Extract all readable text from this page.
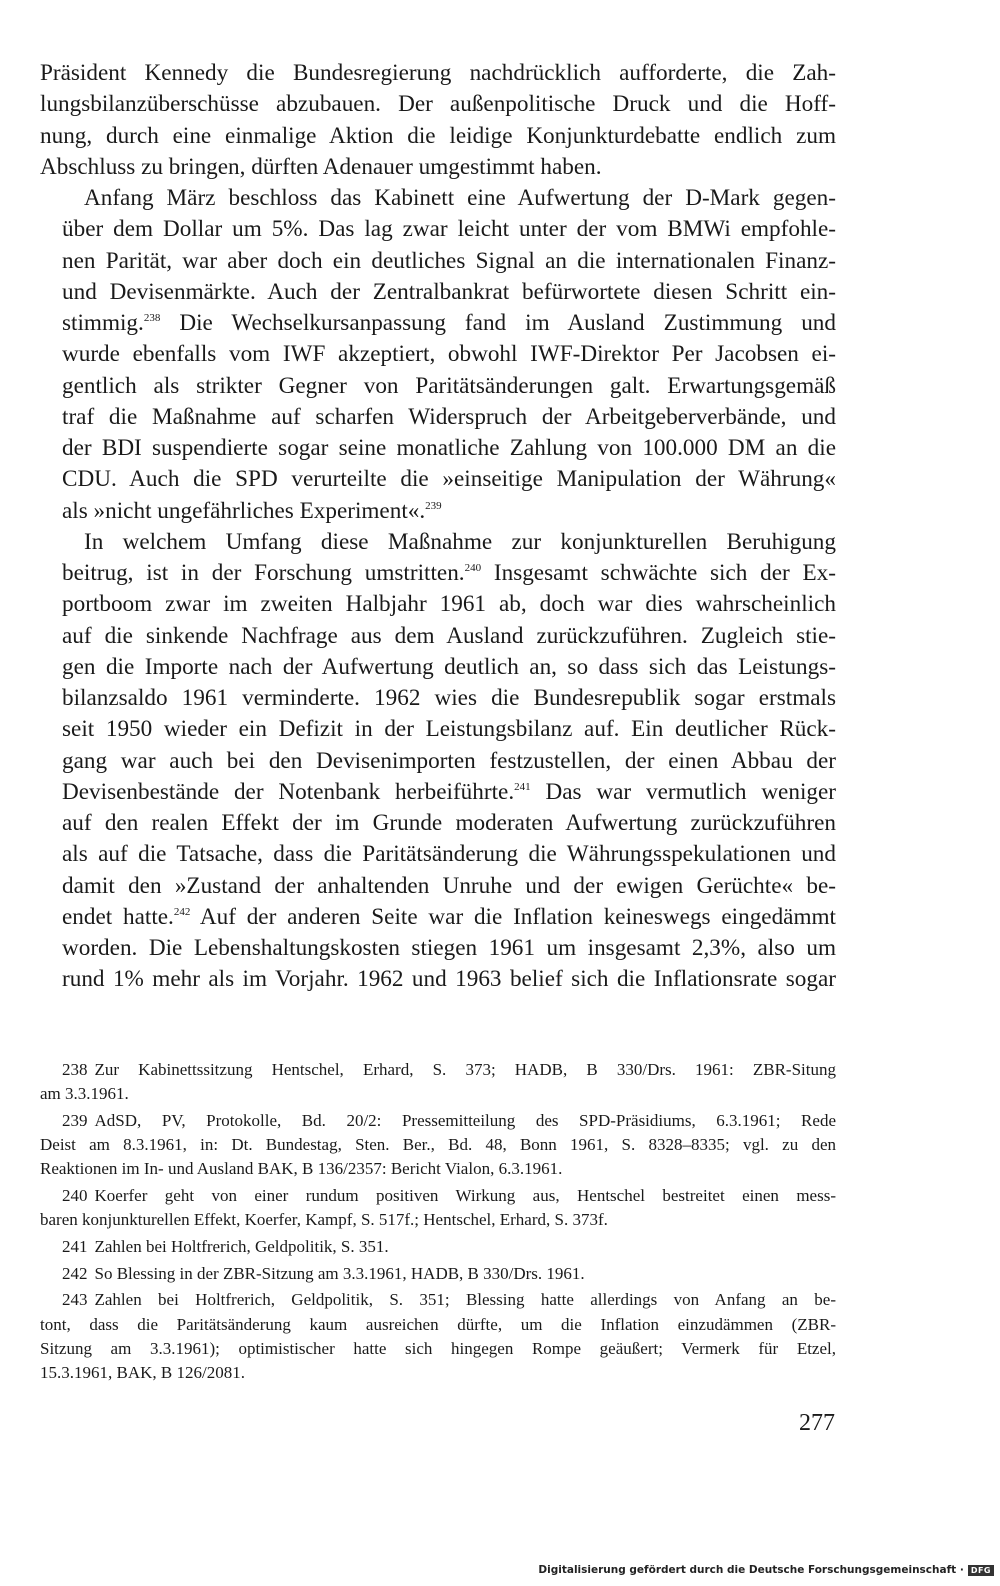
Präsident Kennedy die Bundesregierung nachdrücklich aufforderte, die Zah-
lungsbilanzüberschüsse abzubauen. Der außenpolitische Druck und die Hoff-
nung, durch eine einmalige Aktion die leidige Konjunkturdebatte endlich zum
Abschluss zu bringen, dürften Adenauer umgestimmt haben.

Anfang März beschloss das Kabinett eine Aufwertung der D-Mark gegen-
über dem Dollar um 5%. Das lag zwar leicht unter der vom BMWi empfohle-
nen Parität, war aber doch ein deutliches Signal an die internationalen Finanz-
und Devisenmärkte. Auch der Zentralbankrat befürwortete diesen Schritt ein-
stimmig.$^{238}$ Die Wechselkursanpassung fand im Ausland Zustimmung und
wurde ebenfalls vom IWF akzeptiert, obwohl IWF-Direktor Per Jacobsen ei-
gentlich als strikter Gegner von Paritätsänderungen galt. Erwartungsgemäß
traf die Maßnahme auf scharfen Widerspruch der Arbeitgeberverbände, und
der BDI suspendierte sogar seine monatliche Zahlung von 100.000 DM an die
CDU. Auch die SPD verurteilte die »einseitige Manipulation der Währung«
als »nicht ungefährliches Experiment«.$^{239}$

In welchem Umfang diese Maßnahme zur konjunkturellen Beruhigung
beitrug, ist in der Forschung umstritten.$^{240}$ Insgesamt schwächte sich der Ex-
portboom zwar im zweiten Halbjahr 1961 ab, doch war dies wahrscheinlich
auf die sinkende Nachfrage aus dem Ausland zurückzuführen. Zugleich stie-
gen die Importe nach der Aufwertung deutlich an, so dass sich das Leistungs-
bilanzsaldo 1961 verminderte. 1962 wies die Bundesrepublik sogar erstmals
seit 1950 wieder ein Defizit in der Leistungsbilanz auf. Ein deutlicher Rück-
gang war auch bei den Devisenimporten festzustellen, der einen Abbau der
Devisenbestände der Notenbank herbeiführte.$^{241}$ Das war vermutlich weniger
auf den realen Effekt der im Grunde moderaten Aufwertung zurückzuführen
als auf die Tatsache, dass die Paritätsänderung die Währungsspekulationen und
damit den »Zustand der anhaltenden Unruhe und der ewigen Gerüchte« be-
endet hatte.$^{242}$ Auf der anderen Seite war die Inflation keineswegs eingedämmt
worden. Die Lebenshaltungskosten stiegen 1961 um insgesamt 2,3%, also um
rund 1% mehr als im Vorjahr. 1962 und 1963 belief sich die Inflationsrate sogar

238 Zur Kabinettssitzung Hentschel, Erhard, S. 373; HADB, B 330/Drs. 1961: ZBR-Situng
am 3.3.1961.
239 AdSD, PV, Protokolle, Bd. 20/2: Pressemitteilung des SPD-Präsidiums, 6.3.1961; Rede
Deist am 8.3.1961, in: Dt. Bundestag, Sten. Ber., Bd. 48, Bonn 1961, S. 8328–8335; vgl. zu den
Reaktionen im In- und Ausland BAK, B 136/2357: Bericht Vialon, 6.3.1961.
240 Koerfer geht von einer rundum positiven Wirkung aus, Hentschel bestreitet einen mess-
baren konjunkturellen Effekt, Koerfer, Kampf, S. 517f.; Hentschel, Erhard, S. 373f.
241 Zahlen bei Holtfrerich, Geldpolitik, S. 351.
242 So Blessing in der ZBR-Sitzung am 3.3.1961, HADB, B 330/Drs. 1961.
243 Zahlen bei Holtfrerich, Geldpolitik, S. 351; Blessing hatte allerdings von Anfang an be-
tont, dass die Paritätsänderung kaum ausreichen dürfte, um die Inflation einzudämmen (ZBR-
Sitzung am 3.3.1961); optimistischer hatte sich hingegen Rompe geäußert; Vermerk für Etzel,
15.3.1961, BAK, B 126/2081.
277
Digitalisierung gefördert durch die Deutsche Forschungsgemeinschaft · DFG
